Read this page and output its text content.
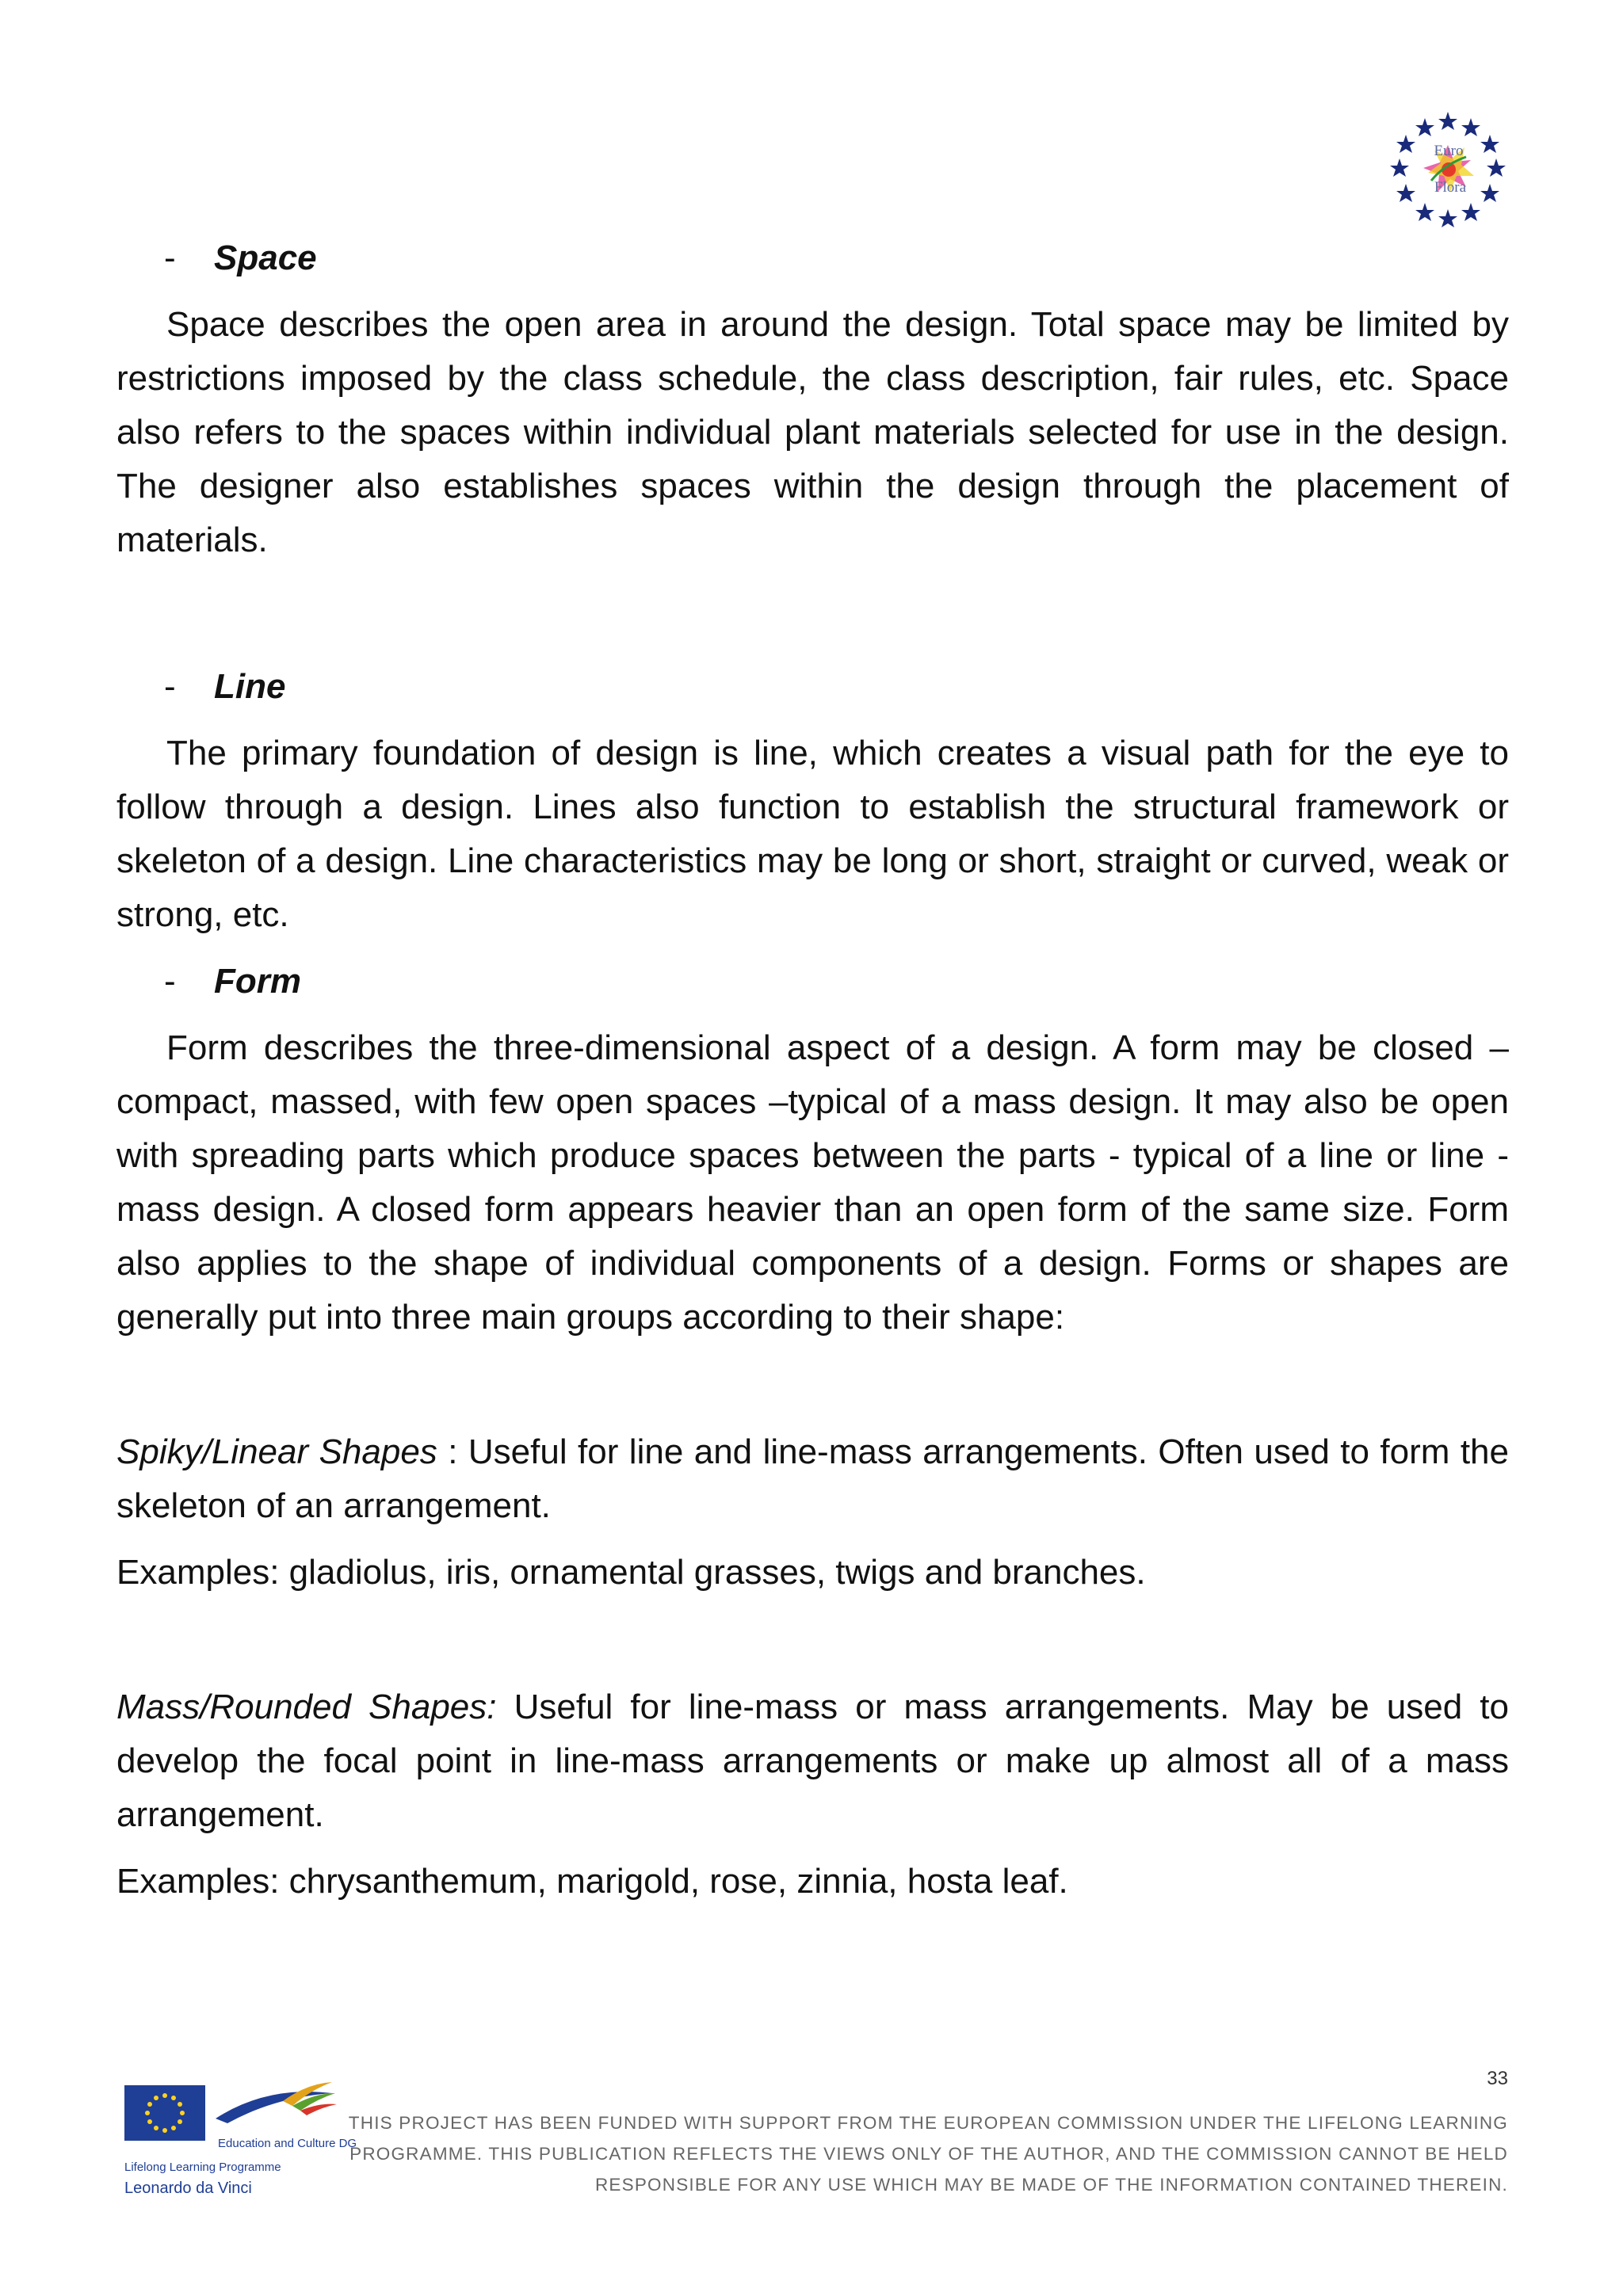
Euro
Flora
- Space

Space describes the open area in around the design. Total space may be limited by restrictions imposed by the class schedule, the class description, fair rules, etc. Space also refers to the spaces within individual plant materials selected for use in the design. The designer also establishes spaces within the design through the placement of materials.

- Line

The primary foundation of design is line, which creates a visual path for the eye to follow through a design. Lines also function to establish the structural framework or skeleton of a design. Line characteristics may be long or short, straight or curved, weak or strong, etc.

- Form

Form describes the three-dimensional aspect of a design. A form may be closed – compact, massed, with few open spaces –typical of a mass design. It may also be open with spreading parts which produce spaces between the parts - typical of a line or line - mass design. A closed form appears heavier than an open form of the same size. Form also applies to the shape of individual components of a design. Forms or shapes are generally put into three main groups according to their shape:

Spiky/Linear Shapes : Useful for line and line-mass arrangements. Often used to form the skeleton of an arrangement.

Examples: gladiolus, iris, ornamental grasses, twigs and branches.

Mass/Rounded Shapes: Useful for line-mass or mass arrangements. May be used to develop the focal point in line-mass arrangements or make up almost all of a mass arrangement.

Examples: chrysanthemum, marigold, rose, zinnia, hosta leaf.

33
Education and Culture DG
Lifelong Learning Programme
Leonardo da Vinci
THIS PROJECT HAS BEEN FUNDED WITH SUPPORT FROM THE EUROPEAN COMMISSION UNDER THE LIFELONG LEARNING
PROGRAMME. THIS PUBLICATION REFLECTS THE VIEWS ONLY OF THE AUTHOR, AND THE COMMISSION CANNOT BE HELD
RESPONSIBLE FOR ANY USE WHICH MAY BE MADE OF THE INFORMATION CONTAINED THEREIN.
